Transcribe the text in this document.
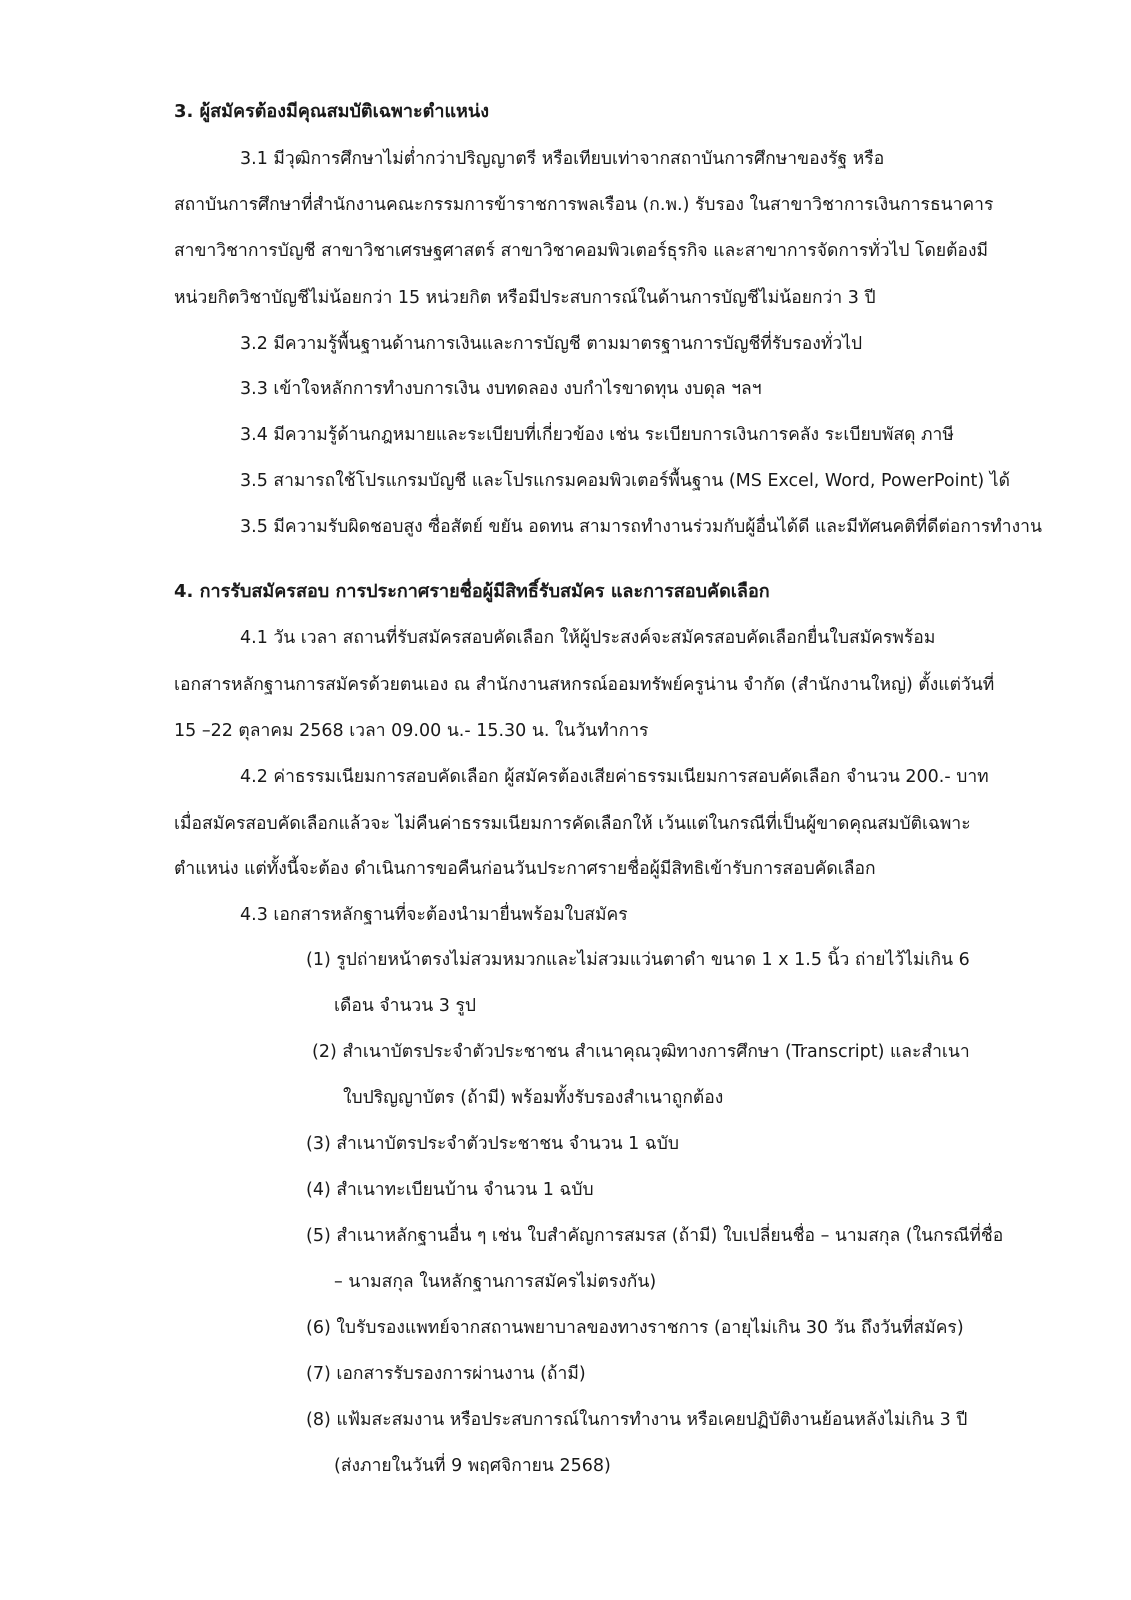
3. ผู้สมัครต้องมีคุณสมบัติเฉพาะตำแหน่ง
3.1 มีวุฒิการศึกษาไม่ต่ำกว่าปริญญาตรี หรือเทียบเท่าจากสถาบันการศึกษาของรัฐ หรือ
สถาบันการศึกษาที่สำนักงานคณะกรรมการข้าราชการพลเรือน (ก.พ.) รับรอง ในสาขาวิชาการเงินการธนาคาร
สาขาวิชาการบัญชี สาขาวิชาเศรษฐศาสตร์ สาขาวิชาคอมพิวเตอร์ธุรกิจ และสาขาการจัดการทั่วไป โดยต้องมี
หน่วยกิตวิชาบัญชีไม่น้อยกว่า 15 หน่วยกิต หรือมีประสบการณ์ในด้านการบัญชีไม่น้อยกว่า 3 ปี
3.2 มีความรู้พื้นฐานด้านการเงินและการบัญชี ตามมาตรฐานการบัญชีที่รับรองทั่วไป
3.3 เข้าใจหลักการทำงบการเงิน งบทดลอง งบกำไรขาดทุน งบดุล ฯลฯ
3.4 มีความรู้ด้านกฎหมายและระเบียบที่เกี่ยวข้อง เช่น ระเบียบการเงินการคลัง ระเบียบพัสดุ ภาษี
3.5 สามารถใช้โปรแกรมบัญชี และโปรแกรมคอมพิวเตอร์พื้นฐาน (MS Excel, Word, PowerPoint) ได้
3.5 มีความรับผิดชอบสูง ซื่อสัตย์ ขยัน อดทน สามารถทำงานร่วมกับผู้อื่นได้ดี และมีทัศนคติที่ดีต่อการทำงาน
4. การรับสมัครสอบ การประกาศรายชื่อผู้มีสิทธิ์รับสมัคร และการสอบคัดเลือก
4.1 วัน เวลา สถานที่รับสมัครสอบคัดเลือก ให้ผู้ประสงค์จะสมัครสอบคัดเลือกยื่นใบสมัครพร้อม
เอกสารหลักฐานการสมัครด้วยตนเอง ณ สำนักงานสหกรณ์ออมทรัพย์ครูน่าน จำกัด (สำนักงานใหญ่) ตั้งแต่วันที่
15 –22 ตุลาคม 2568 เวลา 09.00 น.- 15.30 น. ในวันทำการ
4.2 ค่าธรรมเนียมการสอบคัดเลือก ผู้สมัครต้องเสียค่าธรรมเนียมการสอบคัดเลือก จำนวน 200.- บาท
เมื่อสมัครสอบคัดเลือกแล้วจะ ไม่คืนค่าธรรมเนียมการคัดเลือกให้ เว้นแต่ในกรณีที่เป็นผู้ขาดคุณสมบัติเฉพาะ
ตำแหน่ง แต่ทั้งนี้จะต้อง ดำเนินการขอคืนก่อนวันประกาศรายชื่อผู้มีสิทธิเข้ารับการสอบคัดเลือก
4.3 เอกสารหลักฐานที่จะต้องนำมายื่นพร้อมใบสมัคร
(1) รูปถ่ายหน้าตรงไม่สวมหมวกและไม่สวมแว่นตาดำ ขนาด 1 x 1.5 นิ้ว ถ่ายไว้ไม่เกิน 6
เดือน จำนวน 3 รูป
(2) สำเนาบัตรประจำตัวประชาชน สำเนาคุณวุฒิทางการศึกษา (Transcript) และสำเนา
ใบปริญญาบัตร (ถ้ามี) พร้อมทั้งรับรองสำเนาถูกต้อง
(3) สำเนาบัตรประจำตัวประชาชน จำนวน 1 ฉบับ
(4) สำเนาทะเบียนบ้าน จำนวน 1 ฉบับ
(5) สำเนาหลักฐานอื่น ๆ เช่น ใบสำคัญการสมรส (ถ้ามี) ใบเปลี่ยนชื่อ – นามสกุล (ในกรณีที่ชื่อ
– นามสกุล ในหลักฐานการสมัครไม่ตรงกัน)
(6) ใบรับรองแพทย์จากสถานพยาบาลของทางราชการ (อายุไม่เกิน 30 วัน ถึงวันที่สมัคร)
(7) เอกสารรับรองการผ่านงาน (ถ้ามี)
(8) แฟ้มสะสมงาน หรือประสบการณ์ในการทำงาน หรือเคยปฏิบัติงานย้อนหลังไม่เกิน 3 ปี
(ส่งภายในวันที่ 9 พฤศจิกายน 2568)
